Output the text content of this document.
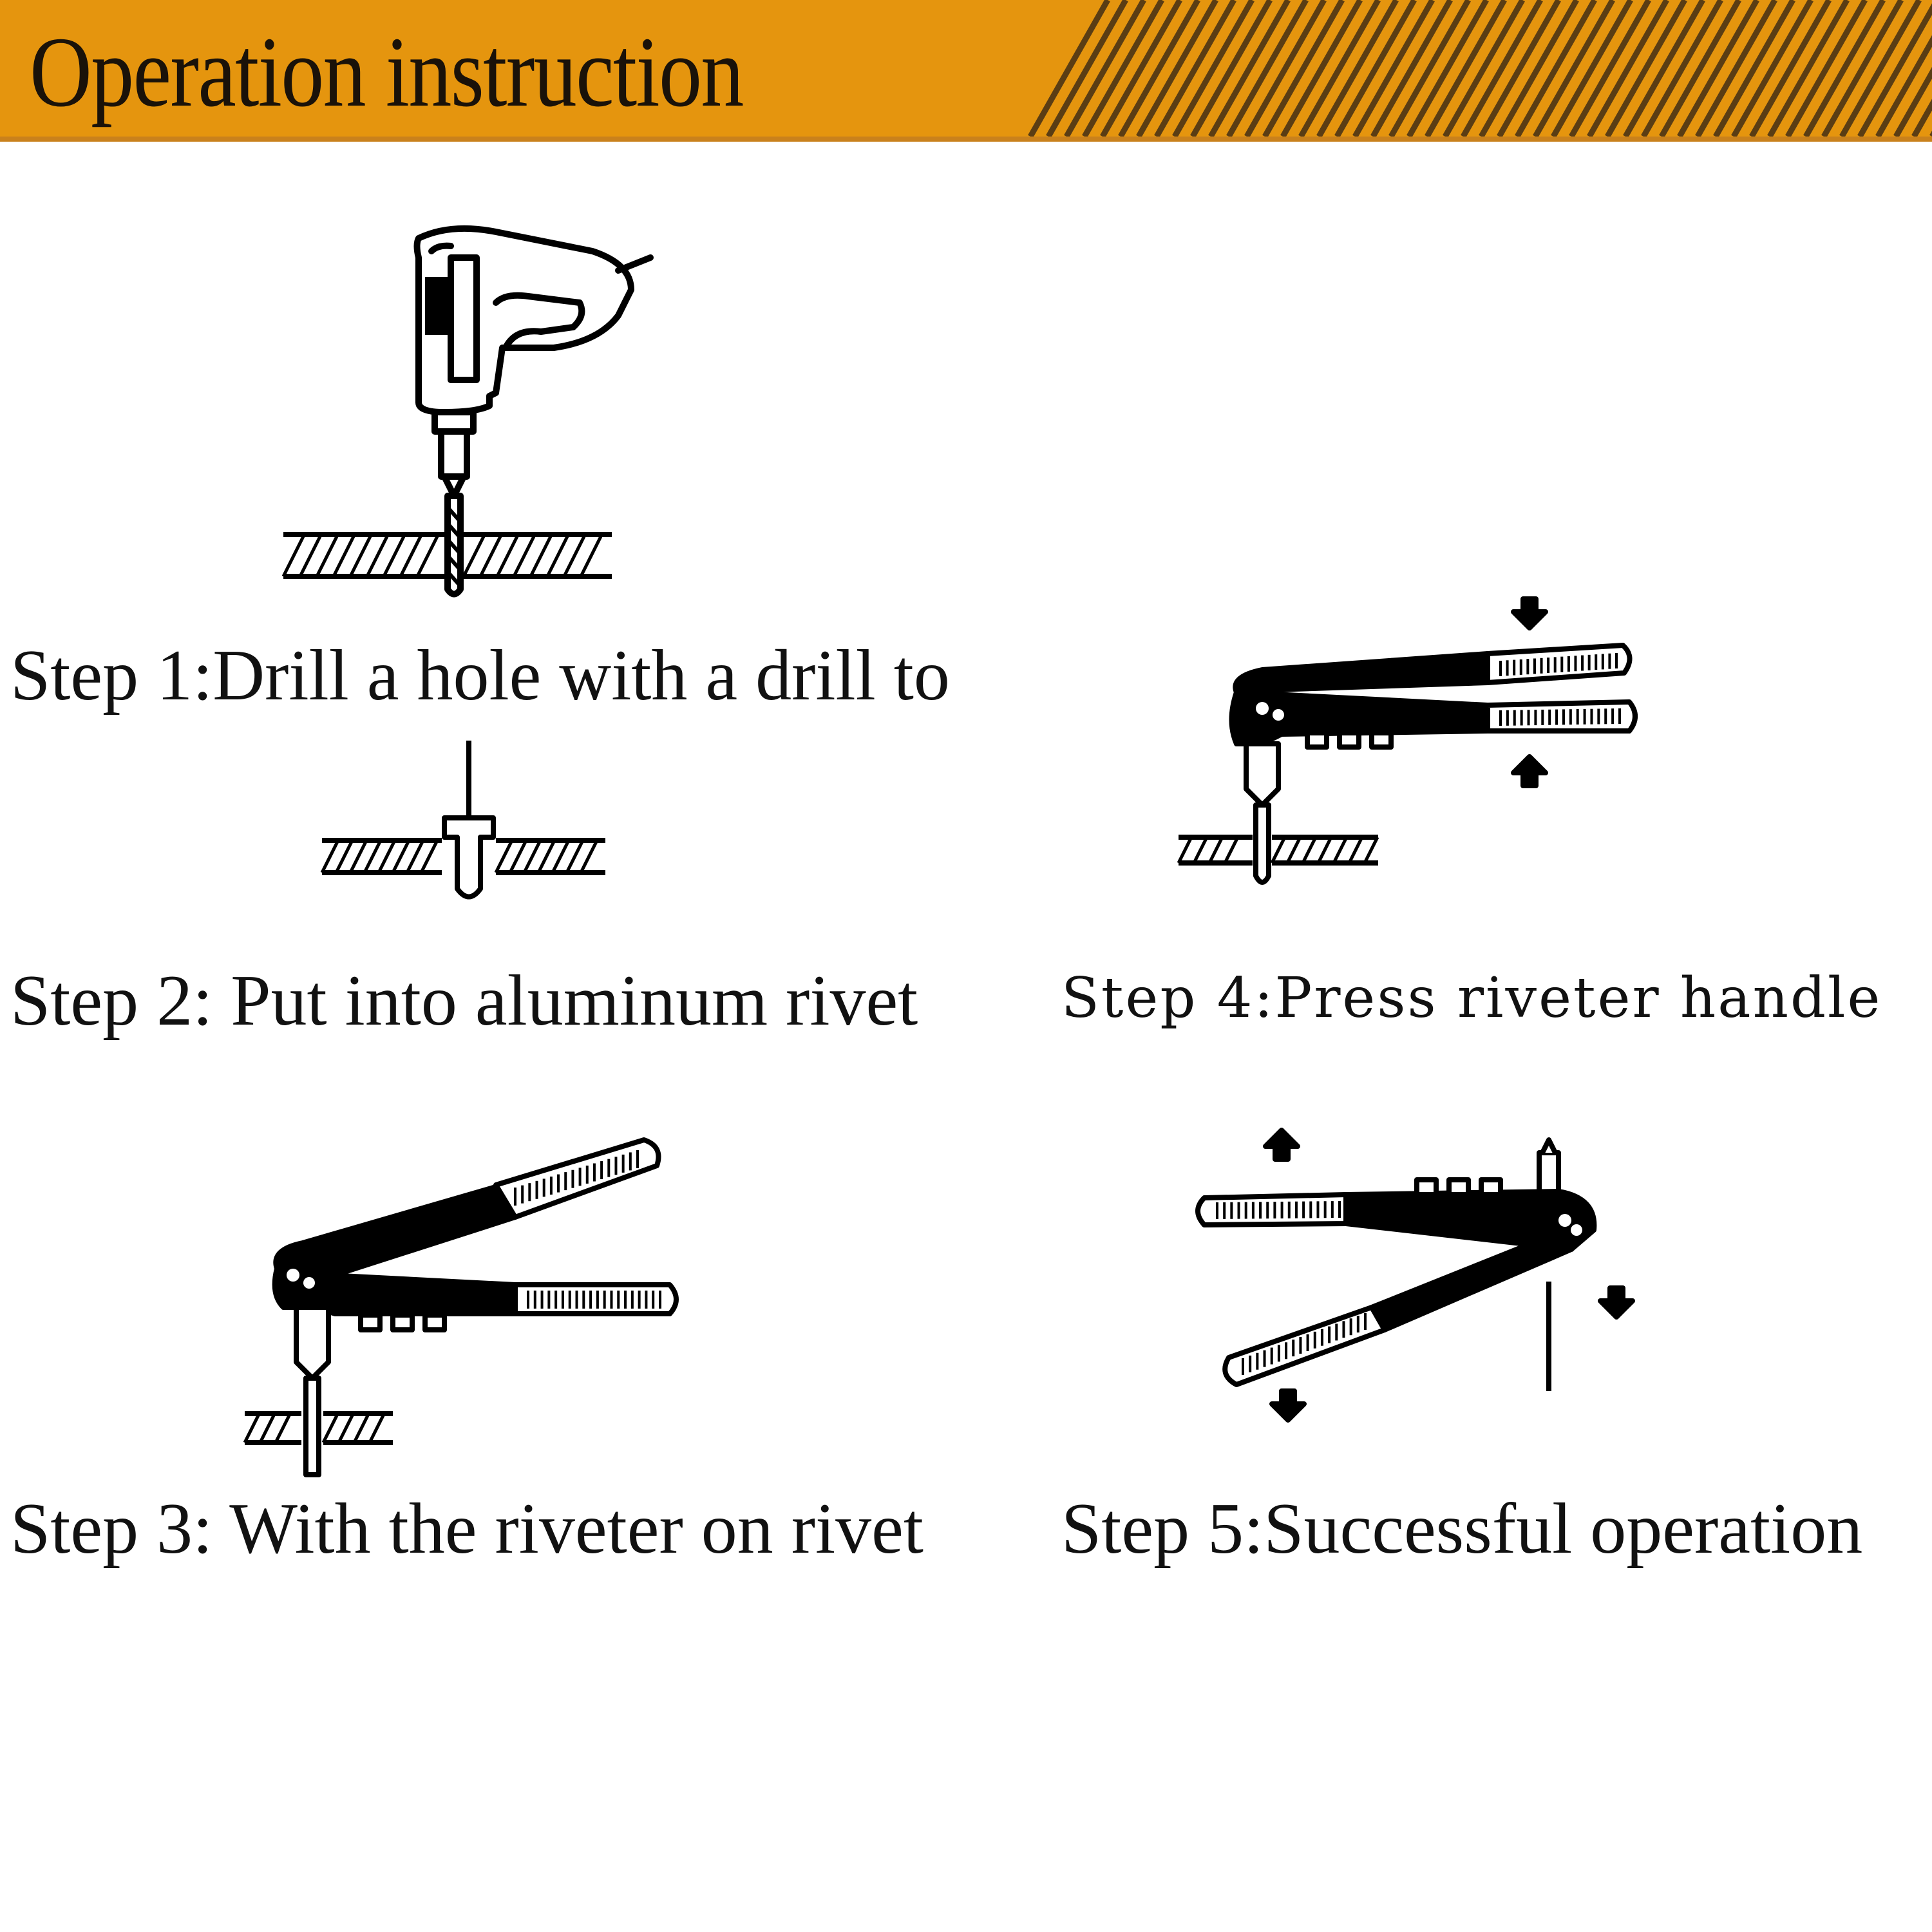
Operation instruction
Step 1:Drill a hole with a drill to
Step 2: Put into aluminum rivet
Step 3: With the riveter on rivet
Step 4:Press riveter handle
Step 5:Successful operation
